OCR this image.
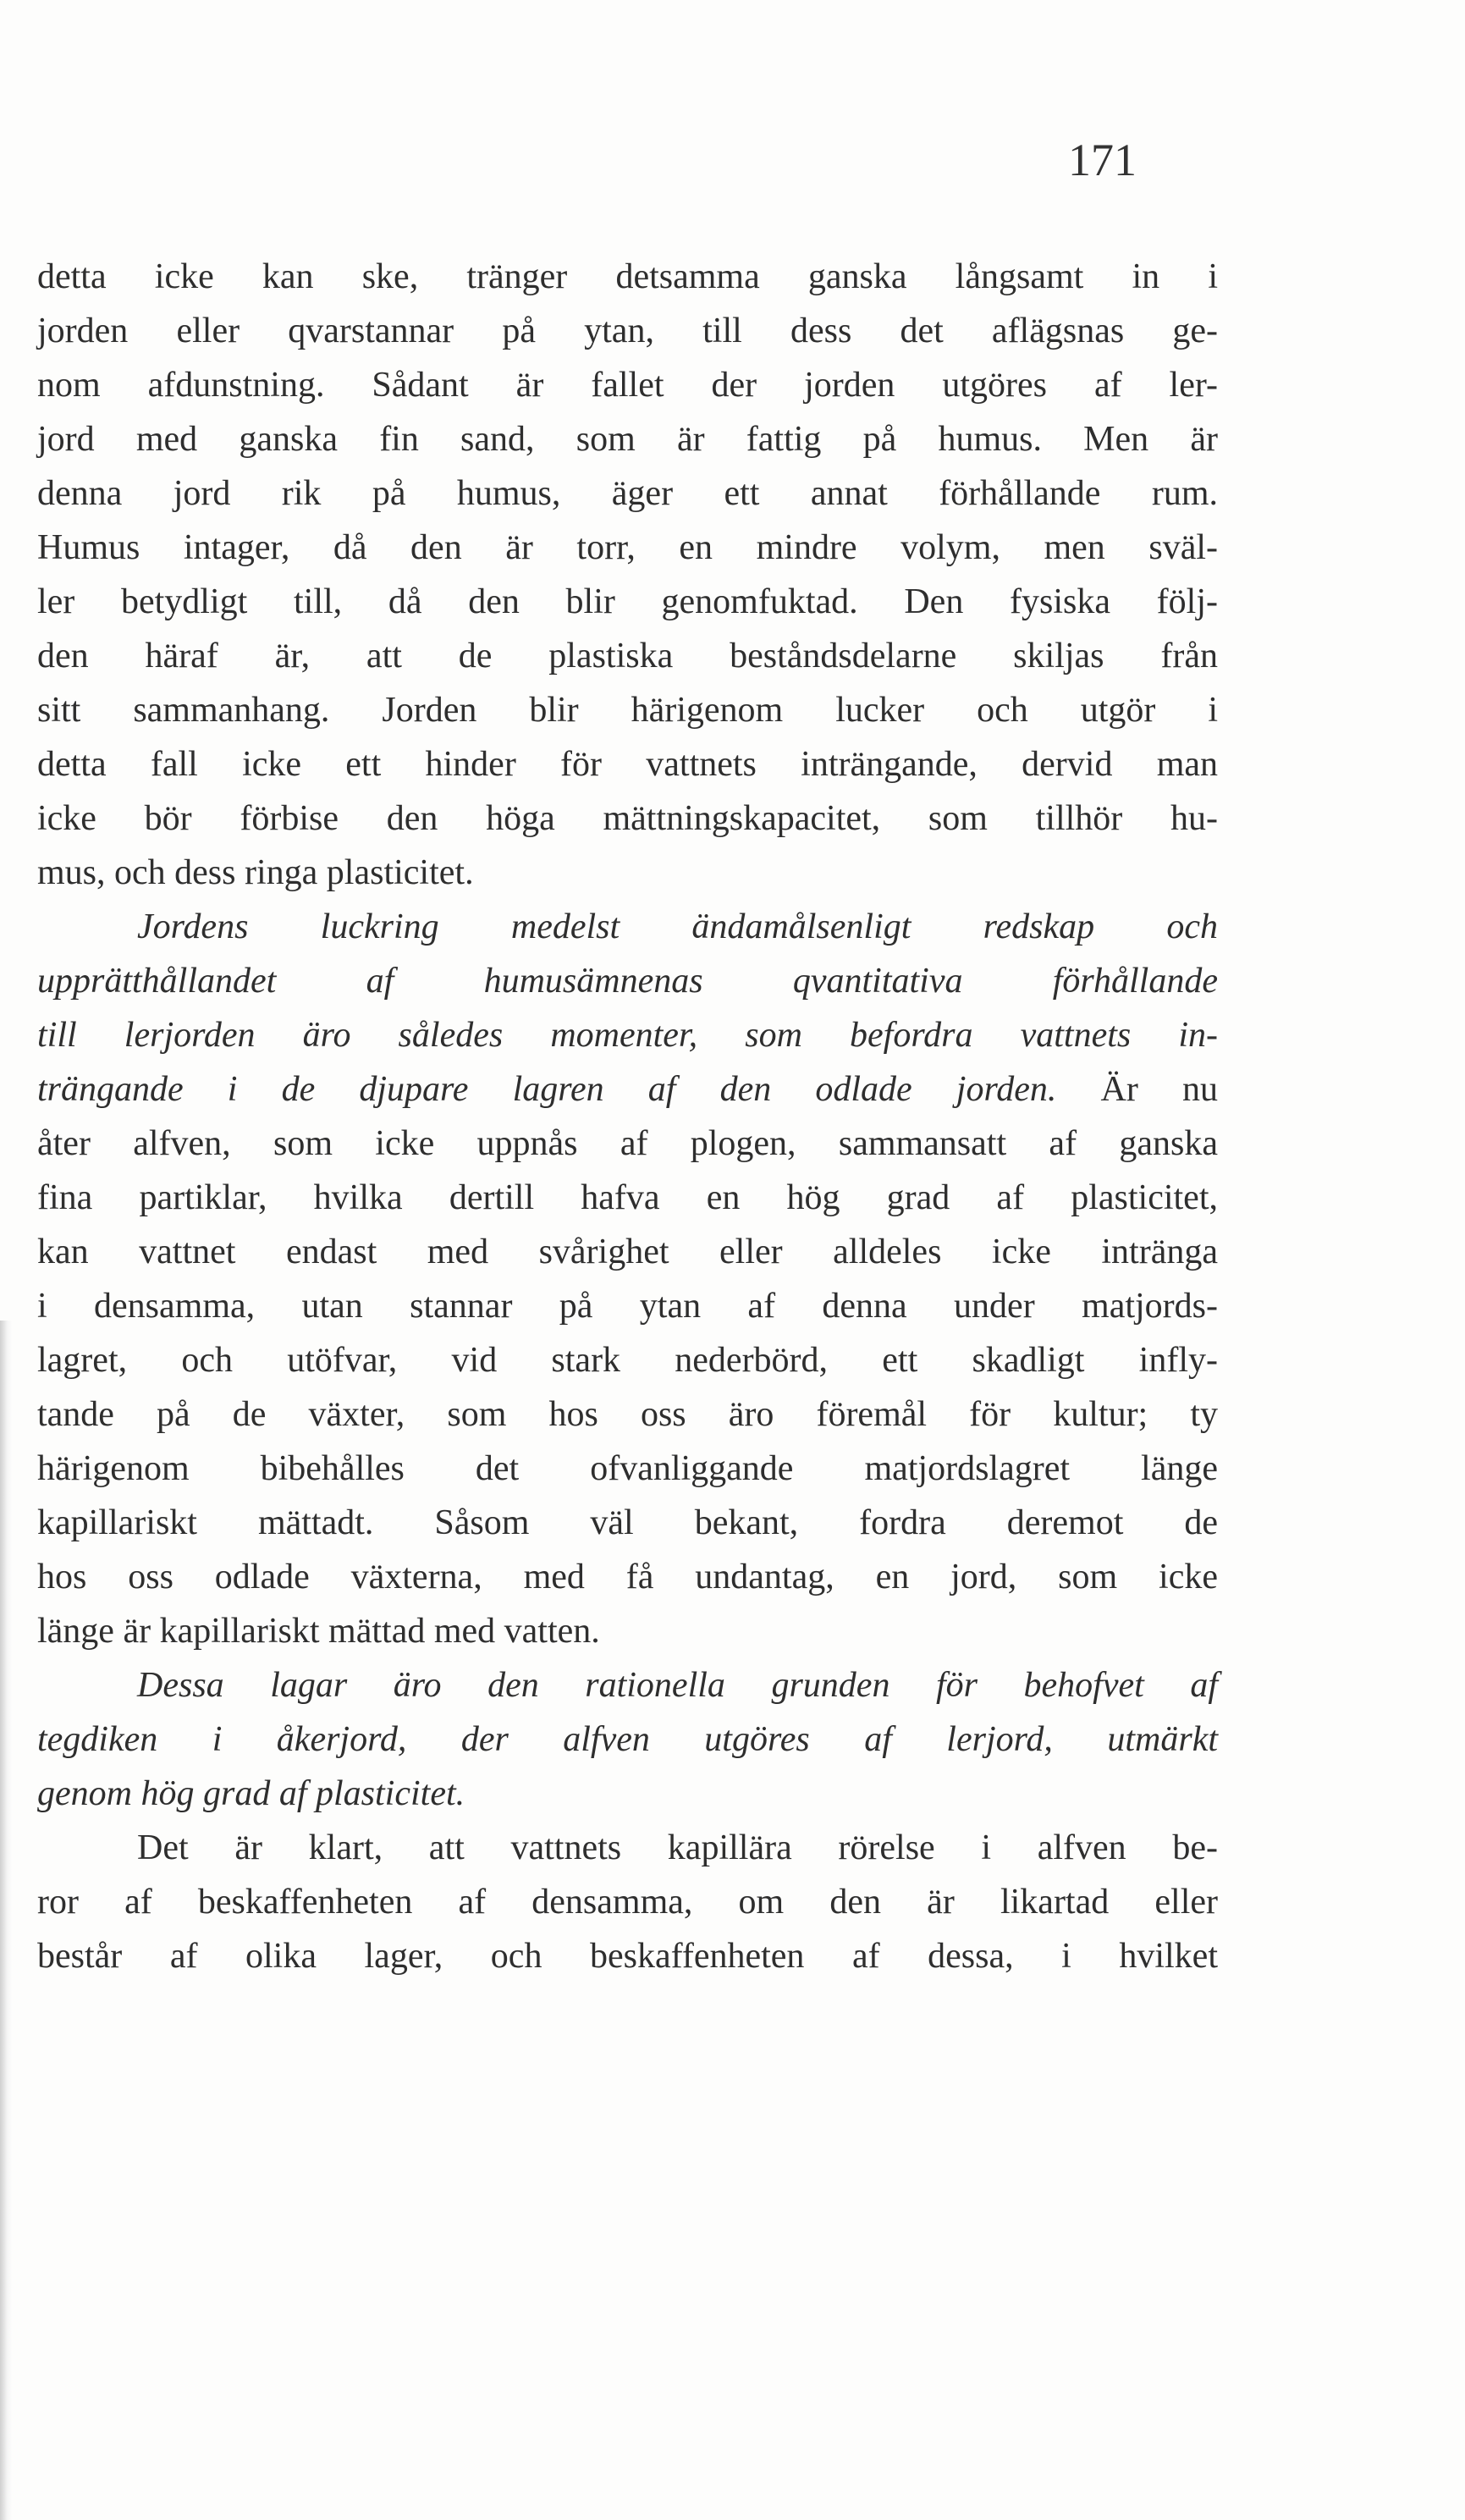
171
detta icke kan ske, tränger detsamma ganska långsamt in i
jorden eller qvarstannar på ytan, till dess det aflägsnas ge-
nom afdunstning. Sådant är fallet der jorden utgöres af ler-
jord med ganska fin sand, som är fattig på humus. Men är
denna jord rik på humus, äger ett annat förhållande rum.
Humus intager, då den är torr, en mindre volym, men sväl-
ler betydligt till, då den blir genomfuktad. Den fysiska följ-
den häraf är, att de plastiska beståndsdelarne skiljas från
sitt sammanhang. Jorden blir härigenom lucker och utgör i
detta fall icke ett hinder för vattnets inträngande, dervid man
icke bör förbise den höga mättningskapacitet, som tillhör hu-
mus, och dess ringa plasticitet.
Jordens luckring medelst ändamålsenligt redskap och
upprätthållandet af humusämnenas qvantitativa förhållande
till lerjorden äro således momenter, som befordra vattnets in-
trängande i de djupare lagren af den odlade jorden. Är nu
åter alfven, som icke uppnås af plogen, sammansatt af ganska
fina partiklar, hvilka dertill hafva en hög grad af plasticitet,
kan vattnet endast med svårighet eller alldeles icke intränga
i densamma, utan stannar på ytan af denna under matjords-
lagret, och utöfvar, vid stark nederbörd, ett skadligt infly-
tande på de växter, som hos oss äro föremål för kultur; ty
härigenom bibehålles det ofvanliggande matjordslagret länge
kapillariskt mättadt. Såsom väl bekant, fordra deremot de
hos oss odlade växterna, med få undantag, en jord, som icke
länge är kapillariskt mättad med vatten.
Dessa lagar äro den rationella grunden för behofvet af
tegdiken i åkerjord, der alfven utgöres af lerjord, utmärkt
genom hög grad af plasticitet.
Det är klart, att vattnets kapillära rörelse i alfven be-
ror af beskaffenheten af densamma, om den är likartad eller
består af olika lager, och beskaffenheten af dessa, i hvilket
